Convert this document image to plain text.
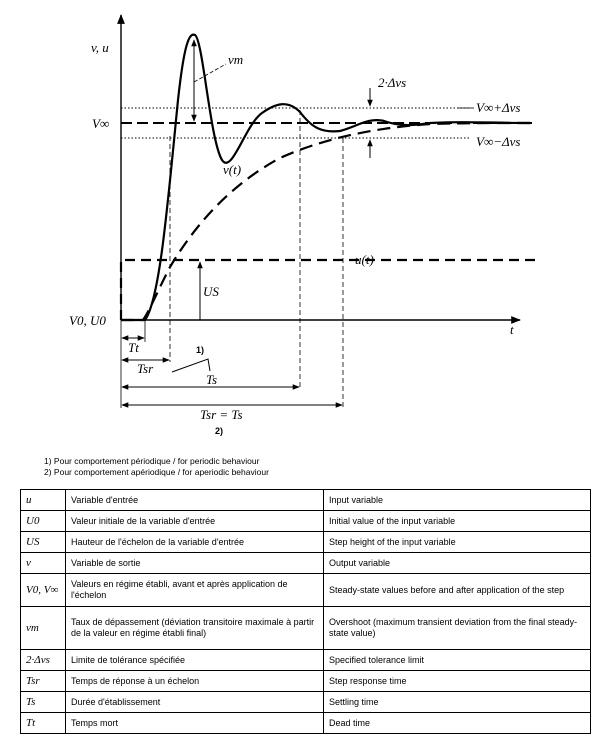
v, u
t
V∞
V0, U0
vm
v(t)
u(t)
US
2·Δvs
V∞+Δvs
V∞−Δvs
Tt
Tsr
Ts
Tsr = Ts
1)
2)
1) Pour comportement périodique / for periodic behaviour
2) Pour comportement apériodique / for aperiodic behaviour
u	Variable d'entrée	Input variable
U0	Valeur initiale de la variable d'entrée	Initial value of the input variable
US	Hauteur de l'échelon de la variable d'entrée	Step height of the input variable
v	Variable de sortie	Output variable
V0, V∞	Valeurs en régime établi, avant et après application de l'échelon	Steady-state values before and after application of the step
vm	Taux de dépassement (déviation transitoire maximale à partir de la valeur en régime établi final)	Overshoot (maximum transient deviation from the final steady-state value)
2·Δvs	Limite de tolérance spécifiée	Specified tolerance limit
Tsr	Temps de réponse à un échelon	Step response time
Ts	Durée d'établissement	Settling time
Tt	Temps mort	Dead time
